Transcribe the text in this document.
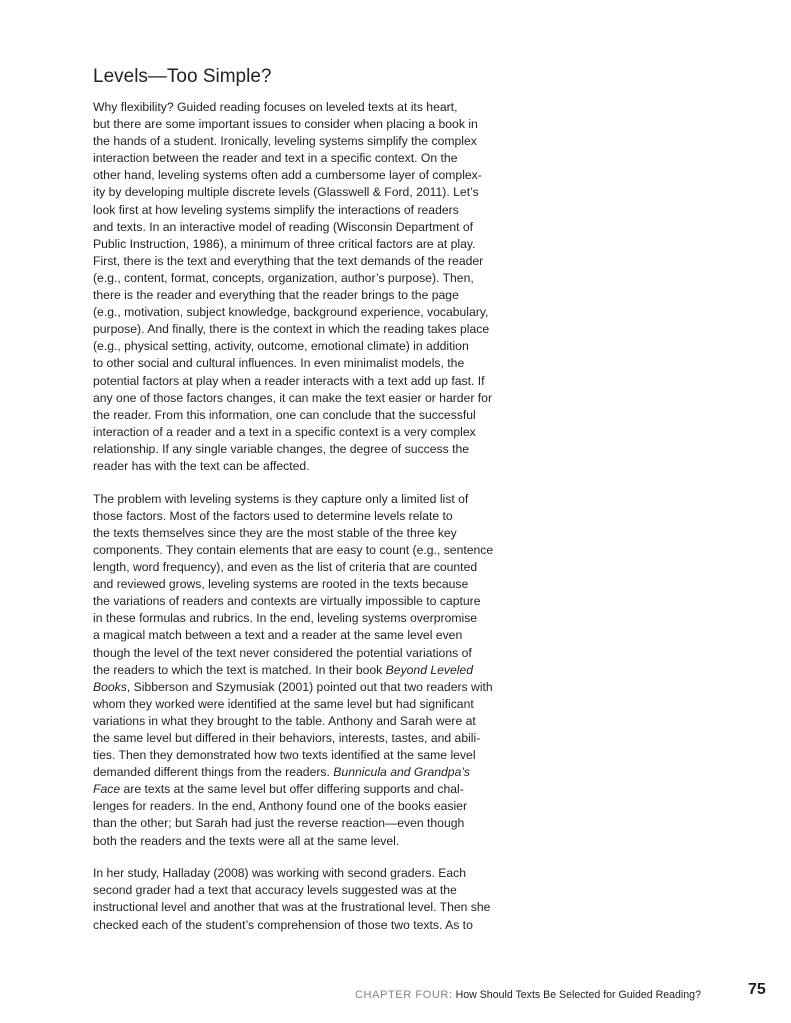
Levels—Too Simple?

Why flexibility? Guided reading focuses on leveled texts at its heart,
but there are some important issues to consider when placing a book in
the hands of a student. Ironically, leveling systems simplify the complex
interaction between the reader and text in a specific context. On the
other hand, leveling systems often add a cumbersome layer of complex-
ity by developing multiple discrete levels (Glasswell & Ford, 2011). Let’s
look first at how leveling systems simplify the interactions of readers
and texts. In an interactive model of reading (Wisconsin Department of
Public Instruction, 1986), a minimum of three critical factors are at play.
First, there is the text and everything that the text demands of the reader
(e.g., content, format, concepts, organization, author’s purpose). Then,
there is the reader and everything that the reader brings to the page
(e.g., motivation, subject knowledge, background experience, vocabulary,
purpose). And finally, there is the context in which the reading takes place
(e.g., physical setting, activity, outcome, emotional climate) in addition
to other social and cultural influences. In even minimalist models, the
potential factors at play when a reader interacts with a text add up fast. If
any one of those factors changes, it can make the text easier or harder for
the reader. From this information, one can conclude that the successful
interaction of a reader and a text in a specific context is a very complex
relationship. If any single variable changes, the degree of success the
reader has with the text can be affected.

The problem with leveling systems is they capture only a limited list of
those factors. Most of the factors used to determine levels relate to
the texts themselves since they are the most stable of the three key
components. They contain elements that are easy to count (e.g., sentence
length, word frequency), and even as the list of criteria that are counted
and reviewed grows, leveling systems are rooted in the texts because
the variations of readers and contexts are virtually impossible to capture
in these formulas and rubrics. In the end, leveling systems overpromise
a magical match between a text and a reader at the same level even
though the level of the text never considered the potential variations of
the readers to which the text is matched. In their book Beyond Leveled
Books, Sibberson and Szymusiak (2001) pointed out that two readers with
whom they worked were identified at the same level but had significant
variations in what they brought to the table. Anthony and Sarah were at
the same level but differed in their behaviors, interests, tastes, and abili-
ties. Then they demonstrated how two texts identified at the same level
demanded different things from the readers. Bunnicula and Grandpa’s
Face are texts at the same level but offer differing supports and chal-
lenges for readers. In the end, Anthony found one of the books easier
than the other; but Sarah had just the reverse reaction—even though
both the readers and the texts were all at the same level.

In her study, Halladay (2008) was working with second graders. Each
second grader had a text that accuracy levels suggested was at the
instructional level and another that was at the frustrational level. Then she
checked each of the student’s comprehension of those two texts. As to

CHAPTER FOUR: How Should Texts Be Selected for Guided Reading?	75
